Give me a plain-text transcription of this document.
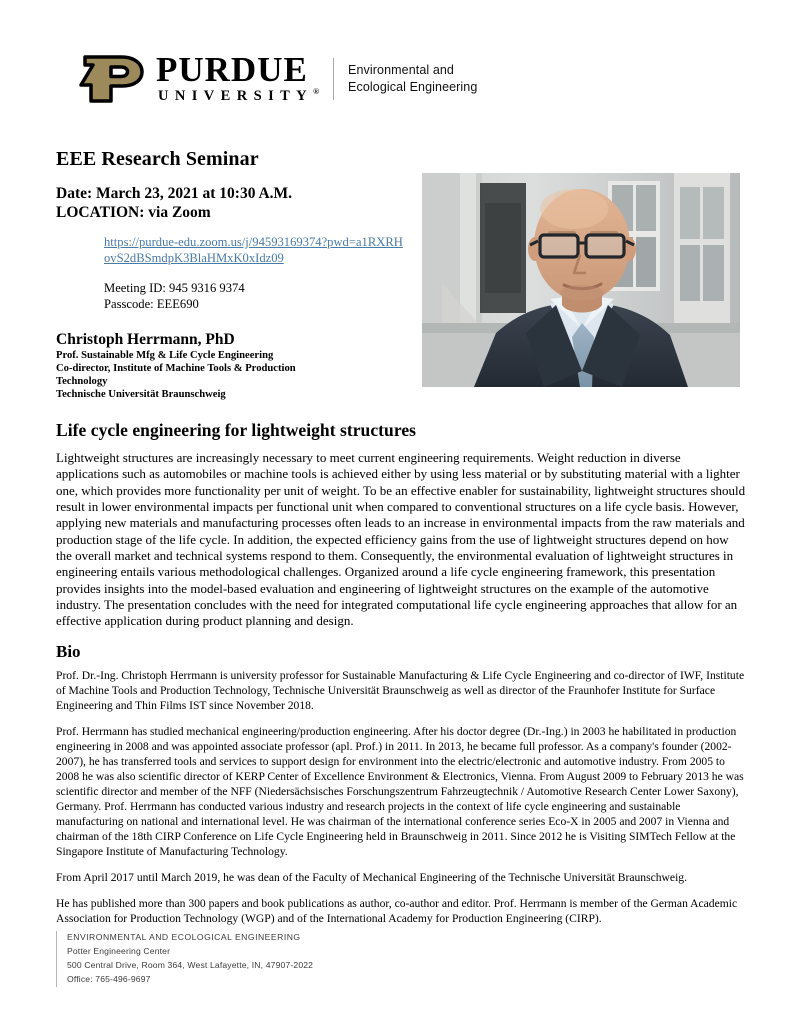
PURDUE
UNIVERSITY®
Environmental and
Ecological Engineering
EEE Research Seminar
Date: March 23, 2021 at 10:30 A.M.
LOCATION: via Zoom
https://purdue-edu.zoom.us/j/94593169374?pwd=a1RXRHovS2dBSmdpK3BlaHMxK0xIdz09
Meeting ID: 945 9316 9374
Passcode: EEE690
Christoph Herrmann, PhD
Prof. Sustainable Mfg & Life Cycle Engineering
Co-director, Institute of Machine Tools & Production
Technology
Technische Universität Braunschweig
Life cycle engineering for lightweight structures

Lightweight structures are increasingly necessary to meet current engineering requirements. Weight reduction in diverse applications such as automobiles or machine tools is achieved either by using less material or by substituting material with a lighter one, which provides more functionality per unit of weight. To be an effective enabler for sustainability, lightweight structures should result in lower environmental impacts per functional unit when compared to conventional structures on a life cycle basis. However, applying new materials and manufacturing processes often leads to an increase in environmental impacts from the raw materials and production stage of the life cycle. In addition, the expected efficiency gains from the use of lightweight structures depend on how the overall market and technical systems respond to them. Consequently, the environmental evaluation of lightweight structures in engineering entails various methodological challenges. Organized around a life cycle engineering framework, this presentation provides insights into the model-based evaluation and engineering of lightweight structures on the example of the automotive industry. The presentation concludes with the need for integrated computational life cycle engineering approaches that allow for an effective application during product planning and design.

Bio

Prof. Dr.-Ing. Christoph Herrmann is university professor for Sustainable Manufacturing & Life Cycle Engineering and co-director of IWF, Institute of Machine Tools and Production Technology, Technische Universität Braunschweig as well as director of the Fraunhofer Institute for Surface Engineering and Thin Films IST since November 2018.

Prof. Herrmann has studied mechanical engineering/production engineering. After his doctor degree (Dr.-Ing.) in 2003 he habilitated in production engineering in 2008 and was appointed associate professor (apl. Prof.) in 2011. In 2013, he became full professor. As a company's founder (2002-2007), he has transferred tools and services to support design for environment into the electric/electronic and automotive industry. From 2005 to 2008 he was also scientific director of KERP Center of Excellence Environment & Electronics, Vienna. From August 2009 to February 2013 he was scientific director and member of the NFF (Niedersächsisches Forschungszentrum Fahrzeugtechnik / Automotive Research Center Lower Saxony), Germany. Prof. Herrmann has conducted various industry and research projects in the context of life cycle engineering and sustainable manufacturing on national and international level. He was chairman of the international conference series Eco-X in 2005 and 2007 in Vienna and chairman of the 18th CIRP Conference on Life Cycle Engineering held in Braunschweig in 2011. Since 2012 he is Visiting SIMTech Fellow at the Singapore Institute of Manufacturing Technology.

From April 2017 until March 2019, he was dean of the Faculty of Mechanical Engineering of the Technische Universität Braunschweig.

He has published more than 300 papers and book publications as author, co-author and editor. Prof. Herrmann is member of the German Academic Association for Production Technology (WGP) and of the International Academy for Production Engineering (CIRP).

ENVIRONMENTAL AND ECOLOGICAL ENGINEERING
Potter Engineering Center
500 Central Drive, Room 364, West Lafayette, IN, 47907-2022
Office: 765-496-9697
